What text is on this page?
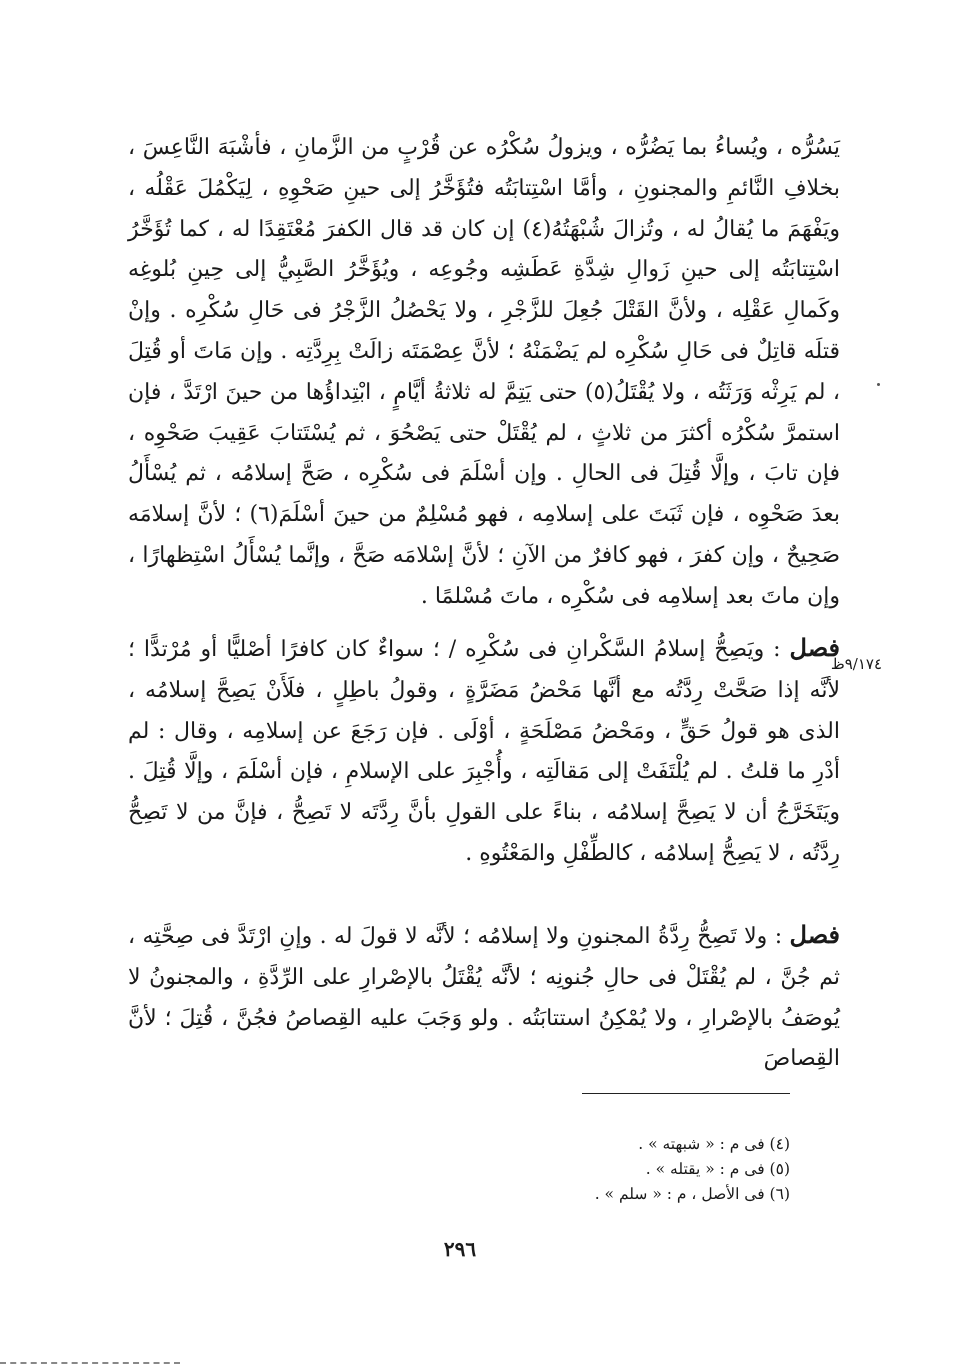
يَسُرُّه ، ويُساءُ بما يَضُرُّه ، ويزولُ سُكْرُه عن قُرْبٍ من الزَّمانِ ، فأشْبَهَ النَّاعِسَ ، بخلافِ النَّائمِ والمجنونِ ، وأمَّا اسْتِتابَتُه فتُؤَخَّرُ إلى حينِ صَحْوِهِ ، لِيَكْمُلَ عَقْلُه ، ويَفْهَمَ ما يُقالُ له ، وتُزالَ شُبْهَتُهُ(٤) إن كان قد قال الكفرَ مُعْتَقِدًا له ، كما تُؤَخَّرُ اسْتِتابَتُه إلى حينِ زَوالِ شِدَّةِ عَطَشِه وجُوعِه ، ويُؤَخَّرُ الصَّبِيُّ إلى حِينِ بُلوغِه وكَمالِ عَقْلِه ، ولأنَّ القَتْلَ جُعِلَ للزَّجْرِ ، ولا يَحْصُلُ الزَّجْرُ فى حَالِ سُكْرِه . وإنْ قتلَه قاتِلٌ فى حَالِ سُكْرِه لم يَضْمَنْهُ ؛ لأنَّ عِصْمَتَه زالَتْ بِرِدَّتِه . وإن مَاتَ أو قُتِلَ ، لم يَرِثْه وَرَثَتُه ، ولا يُقْتَلُ(٥) حتى يَتِمَّ له ثلاثةُ أيَّامٍ ، ابْتِداؤُها من حينَ ارْتَدَّ ، فإن استمرَّ سُكْرُه أكثرَ من ثلاثٍ ، لم يُقْتَلْ حتى يَصْحُوَ ، ثم يُسْتَتابَ عَقِيبَ صَحْوِه ، فإن تابَ ، وإلَّا قُتِلَ فى الحالِ . وإن أسْلَمَ فى سُكْرِه ، صَحَّ إسلامُه ، ثم يُسْأَلُ بعدَ صَحْوِه ، فإن ثَبَتَ على إسلامِه ، فهو مُسْلِمٌ من حينَ أسْلَمَ(٦) ؛ لأنَّ إسلامَه صَحِيحٌ ، وإن كفرَ ، فهو كافرٌ من الآنِ ؛ لأنَّ إسْلامَه صَحَّ ، وإنَّما يُسْأَلُ اسْتِظهارًا ، وإن ماتَ بعد إسلامِه فى سُكْرِه ، ماتَ مُسْلمًا .

٩/١٧٤ظ

فصل : ويَصِحُّ إسلامُ السَّكْرانِ فى سُكْرِه / ؛ سواءٌ كان كافرًا أصْليًّا أو مُرْتدًّا ؛ لأنَّه إذا صَحَّتْ رِدَّتُه مع أنَّها مَحْضُ مَضَرَّةٍ ، وقولُ باطِلٍ ، فلَأَنْ يَصِحَّ إسلامُه ، الذى هو قولُ حَقٍّ ، ومَحْضُ مَصْلَحَةٍ ، أوْلَى . فإن رَجَعَ عن إسلامِه ، وقال : لم أدْرِ ما قلتُ . لم يُلْتَفَتْ إلى مَقالَتِه ، وأُجْبِرَ على الإسلامِ ، فإن أسْلَمَ ، وإلَّا قُتِلَ . ويَتَخَرَّجُ أن لا يَصِحَّ إسلامُه ، بناءً على القولِ بأنَّ رِدَّتَه لا تَصِحُّ ، فإنَّ من لا تَصِحُّ رِدَّتُه ، لا يَصِحُّ إسلامُه ، كالطِّفْلِ والمَعْتُوهِ .

فصل : ولا تَصِحُّ رِدَّةُ المجنونِ ولا إسلامُه ؛ لأنَّه لا قولَ له . وإنِ ارْتَدَّ فى صِحَّتِه ، ثم جُنَّ ، لم يُقْتَلْ فى حالِ جُنونِه ؛ لأنَّه يُقْتَلُ بالإصْرارِ على الرِّدَّةِ ، والمجنونُ لا يُوصَفُ بالإصْرارِ ، ولا يُمْكِنُ استتابَتُه . ولو وَجَبَ عليه القِصاصُ فجُنَّ ، قُتِلَ ؛ لأنَّ القِصاصَ

(٤) فى م : « شبهته » .

(٥) فى م : « يقتله » .

(٦) فى الأصل ، م : « سلم » .

٢٩٦
